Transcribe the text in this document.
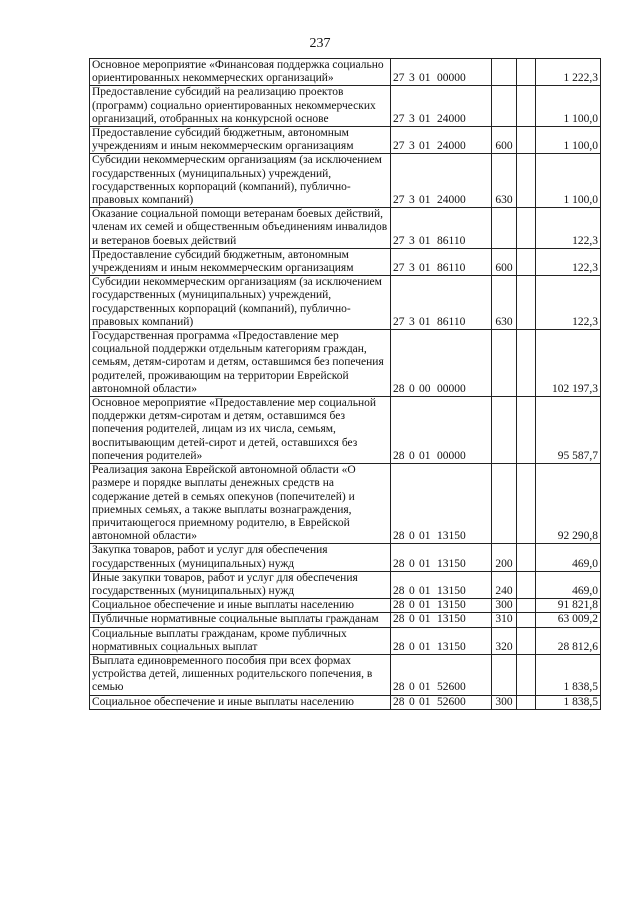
237
Основное мероприятие «Финансовая поддержка социально ориентированных некоммерческих организаций»	27 3 01 00000			1 222,3
Предоставление субсидий на реализацию проектов (программ) социально ориентированных некоммерческих организаций, отобранных на конкурсной основе	27 3 01 24000			1 100,0
Предоставление субсидий бюджетным, автономным учреждениям и иным некоммерческим организациям	27 3 01 24000	600		1 100,0
Субсидии некоммерческим организациям (за исключением государственных (муниципальных) учреждений, государственных корпораций (компаний), публично-правовых компаний)	27 3 01 24000	630		1 100,0
Оказание социальной помощи ветеранам боевых действий, членам их семей и общественным объединениям инвалидов и ветеранов боевых действий	27 3 01 86110			122,3
Предоставление субсидий бюджетным, автономным учреждениям и иным некоммерческим организациям	27 3 01 86110	600		122,3
Субсидии некоммерческим организациям (за исключением государственных (муниципальных) учреждений, государственных корпораций (компаний), публично-правовых компаний)	27 3 01 86110	630		122,3
Государственная программа «Предоставление мер социальной поддержки отдельным категориям граждан, семьям, детям-сиротам и детям, оставшимся без попечения родителей, проживающим на территории Еврейской автономной области»	28 0 00 00000			102 197,3
Основное мероприятие «Предоставление мер социальной поддержки детям-сиротам и детям, оставшимся без попечения родителей, лицам из их числа, семьям, воспитывающим детей-сирот и детей, оставшихся без попечения родителей»	28 0 01 00000			95 587,7
Реализация закона Еврейской автономной области «О размере и порядке выплаты денежных средств на содержание детей в семьях опекунов (попечителей) и приемных семьях, а также выплаты вознаграждения, причитающегося приемному родителю, в Еврейской автономной области»	28 0 01 13150			92 290,8
Закупка товаров, работ и услуг для обеспечения государственных (муниципальных) нужд	28 0 01 13150	200		469,0
Иные закупки товаров, работ и услуг для обеспечения государственных (муниципальных) нужд	28 0 01 13150	240		469,0
Социальное обеспечение и иные выплаты населению	28 0 01 13150	300		91 821,8
Публичные нормативные социальные выплаты гражданам	28 0 01 13150	310		63 009,2
Социальные выплаты гражданам, кроме публичных нормативных социальных выплат	28 0 01 13150	320		28 812,6
Выплата единовременного пособия при всех формах устройства детей, лишенных родительского попечения, в семью	28 0 01 52600			1 838,5
Социальное обеспечение и иные выплаты населению	28 0 01 52600	300		1 838,5
